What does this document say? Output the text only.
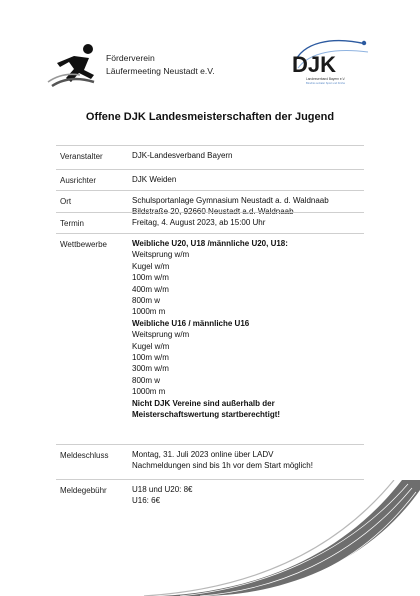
Förderverein
Läufermeeting Neustadt e.V.	DJK
Landesverband Bayern e.V.
Bündnis sozialer Sport und Kirche
Offene DJK Landesmeisterschaften der Jugend
Veranstalter	DJK-Landesverband Bayern
Ausrichter	DJK Weiden
Ort	Schulsportanlage Gymnasium Neustadt a. d. Waldnaab
Bildstraße 20, 92660 Neustadt a.d. Waldnaab
Termin	Freitag, 4. August 2023, ab 15:00 Uhr
Wettbewerbe	Weibliche U20, U18 /männliche U20, U18:
Weitsprung w/m
Kugel w/m
100m w/m
400m w/m
800m w
1000m m
Weibliche U16 / männliche U16
Weitsprung w/m
Kugel w/m
100m w/m
300m w/m
800m w
1000m m
Nicht DJK Vereine sind außerhalb der
Meisterschaftswertung startberechtigt!
Meldeschluss	Montag, 31. Juli 2023 online über LADV
Nachmeldungen sind bis 1h vor dem Start möglich!
Meldegebühr	U18 und U20: 8€
U16: 6€
